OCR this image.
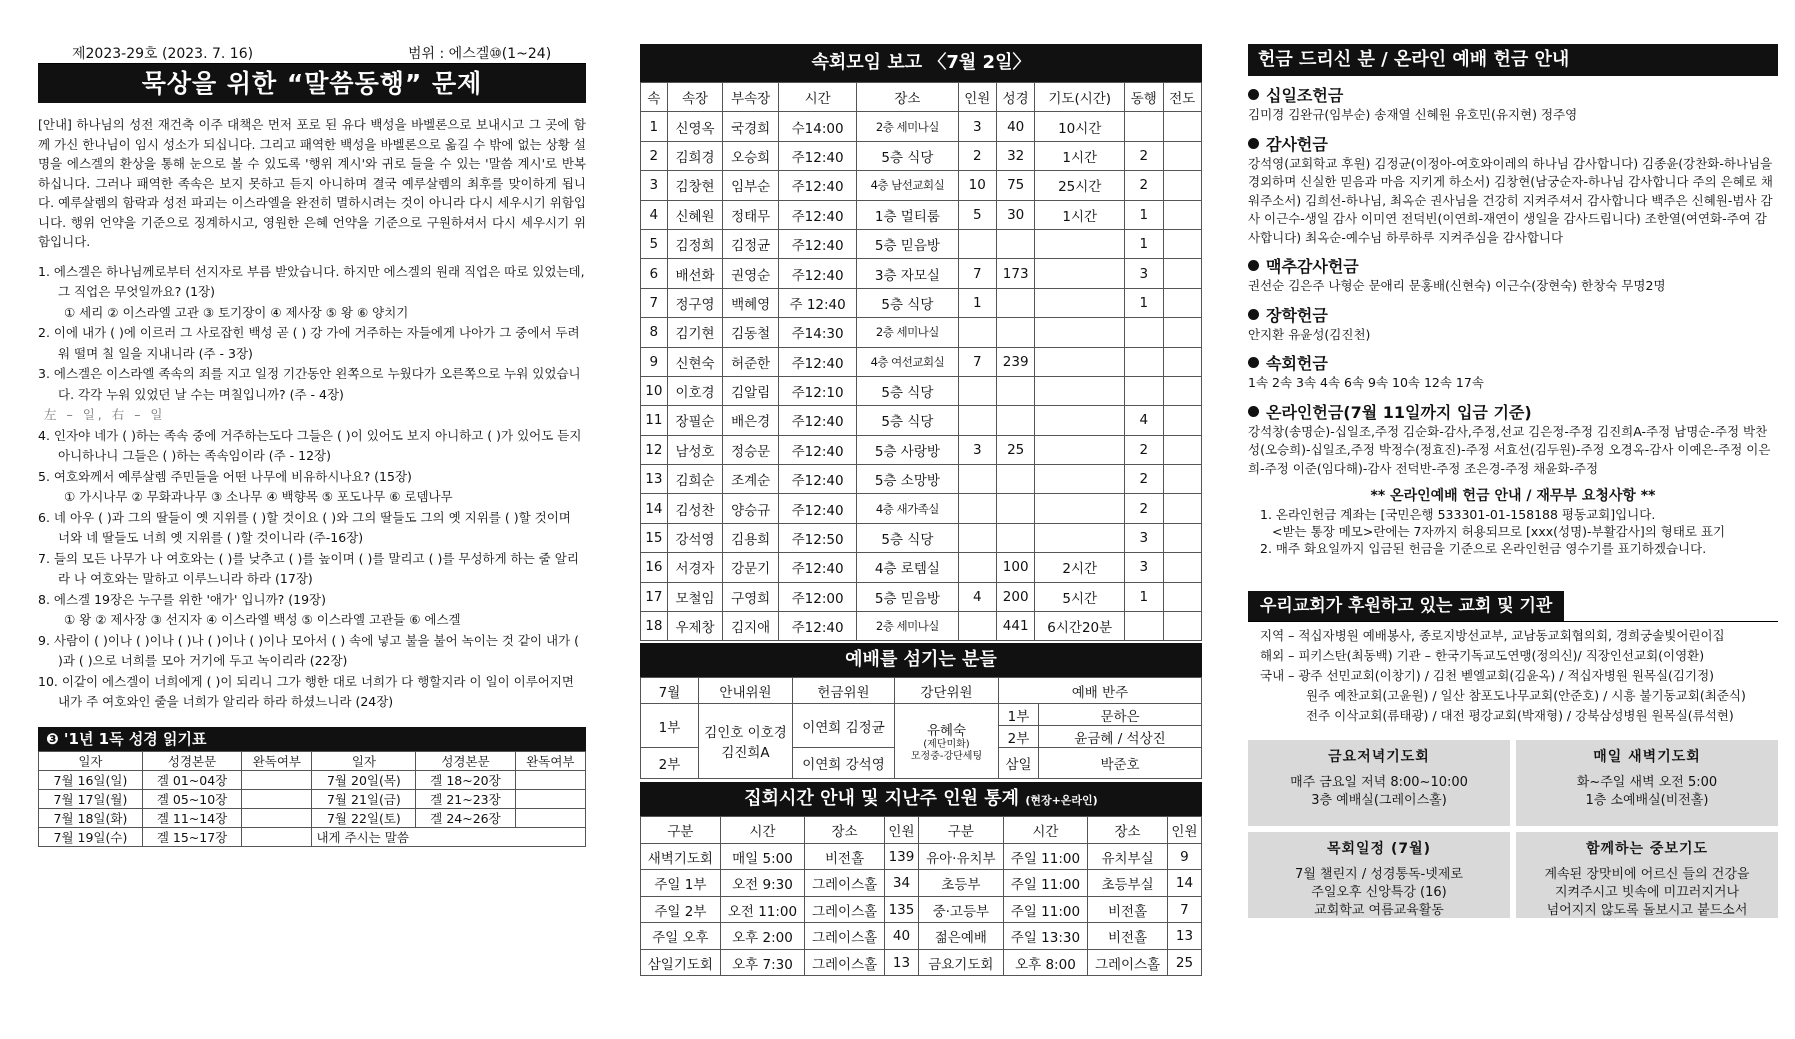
제2023-29호 (2023. 7. 16)	범위 : 에스겔⑩(1~24)
묵상을 위한 “말씀동행” 문제

[안내] 하나님의 성전 재건축 이주 대책은 먼저 포로 된 유다 백성을 바벨론으로 보내시고 그 곳에 함께 가신 한나님이 임시 성소가 되십니다. 그리고 패역한 백성을 바벨론으로 옮길 수 밖에 없는 상황 설명을 에스겔의 환상을 통해 눈으로 볼 수 있도록 '행위 계시'와 귀로 들을 수 있는 '말씀 계시'로 반복하십니다. 그러나 패역한 족속은 보지 못하고 듣지 아니하며 결국 예루살렘의 최후를 맞이하게 됩니다. 예루살렘의 함락과 성전 파괴는 이스라엘을 완전히 멸하시려는 것이 아니라 다시 세우시기 위함입니다. 행위 언약을 기준으로 징계하시고, 영원한 은혜 언약을 기준으로 구원하셔서 다시 세우시기 위함입니다.

1. 에스겔은 하나님께로부터 선지자로 부름 받았습니다. 하지만 에스겔의 원래 직업은 따로 있었는데, 그 직업은 무엇일까요? (1장)
① 세리 ② 이스라엘 고관 ③ 토기장이 ④ 제사장 ⑤ 왕 ⑥ 양치기
2. 이에 내가 ( )에 이르러 그 사로잡힌 백성 곧 ( ) 강 가에 거주하는 자들에게 나아가 그 중에서 두려워 떨며 칠 일을 지내니라 (주 - 3장)
3. 에스겔은 이스라엘 족속의 죄를 지고 일정 기간동안 왼쪽으로 누웠다가 오른쪽으로 누워 있었습니다. 각각 누워 있었던 날 수는 며칠입니까? (주 - 4장)
左 – 일, 右 – 일
4. 인자야 네가 ( )하는 족속 중에 거주하는도다 그들은 ( )이 있어도 보지 아니하고 ( )가 있어도 듣지 아니하나니 그들은 ( )하는 족속임이라 (주 - 12장)
5. 여호와께서 예루살렘 주민들을 어떤 나무에 비유하시나요? (15장)
① 가시나무 ② 무화과나무 ③ 소나무 ④ 백향목 ⑤ 포도나무 ⑥ 로뎀나무
6. 네 아우 ( )과 그의 딸들이 옛 지위를 ( )할 것이요 ( )와 그의 딸들도 그의 옛 지위를 ( )할 것이며 너와 네 딸들도 너희 옛 지위를 ( )할 것이니라 (주-16장)
7. 들의 모든 나무가 나 여호와는 ( )를 낮추고 ( )를 높이며 ( )를 말리고 ( )를 무성하게 하는 줄 알리라 나 여호와는 말하고 이루느니라 하라 (17장)
8. 에스겔 19장은 누구를 위한 '애가' 입니까? (19장)
① 왕 ② 제사장 ③ 선지자 ④ 이스라엘 백성 ⑤ 이스라엘 고관들 ⑥ 에스겔
9. 사람이 ( )이나 ( )이나 ( )나 ( )이나 ( )이나 모아서 ( ) 속에 넣고 불을 불어 녹이는 것 같이 내가 ( )과 ( )으로 너희를 모아 거기에 두고 녹이리라 (22장)
10. 이같이 에스겔이 너희에게 ( )이 되리니 그가 행한 대로 너희가 다 행할지라 이 일이 이루어지면 내가 주 여호와인 줄을 너희가 알리라 하라 하셨느니라 (24장)
❸ '1년 1독 성경 읽기표
일자	성경본문	완독여부	일자	성경본문	완독여부
7월 16일(일)	겔 01~04장		7월 20일(목)	겔 18~20장	
7월 17일(월)	겔 05~10장		7월 21일(금)	겔 21~23장	
7월 18일(화)	겔 11~14장		7월 22일(토)	겔 24~26장	
7월 19일(수)	겔 15~17장		내게 주시는 말씀		
속회모임 보고 〈7월 2일〉
속	속장	부속장	시간	장소	인원	성경	기도(시간)	동행	전도
1	신영옥	국경희	수14:00	2층 세미나실	3	40	10시간		
2	김희경	오승희	주12:40	5층 식당	2	32	1시간	2	
3	김창현	임부순	주12:40	4층 남선교회실	10	75	25시간	2	
4	신혜원	정태무	주12:40	1층 멀티룸	5	30	1시간	1	
5	김정희	김정균	주12:40	5층 믿음방				1	
6	배선화	권영순	주12:40	3층 자모실	7	173		3	
7	정구영	백혜영	주 12:40	5층 식당	1			1	
8	김기현	김동철	주14:30	2층 세미나실					
9	신현숙	허준한	주12:40	4층 여선교회실	7	239			
10	이호경	김알림	주12:10	5층 식당					
11	장필순	배은경	주12:40	5층 식당				4	
12	남성호	정승문	주12:40	5층 사랑방	3	25		2	
13	김희순	조계순	주12:40	5층 소망방				2	
14	김성찬	양승규	주12:40	4층 새가족실				2	
15	강석영	김용희	주12:50	5층 식당				3	
16	서경자	강문기	주12:40	4층 로템실		100	2시간	3	
17	모철임	구영희	주12:00	5층 믿음방	4	200	5시간	1	
18	우제창	김지애	주12:40	2층 세미나실		441	6시간20분		
예배를 섬기는 분들
7월	안내위원	헌금위원	강단위원	예배 반주	
1부	김인호 이호경 김진희A	이연희 김정균	유혜숙
(제단미화)
모정중-강단세팅	1부	문하은
				2부	윤금혜 / 석상진
2부		이연희 강석영		삼일	박준호

집회시간 안내 및 지난주 인원 통계 (현장+온라인)
구분	시간	장소	인원	구분	시간	장소	인원
새벽기도회	매일 5:00	비전홀	139	유아·유치부	주일 11:00	유치부실	9
주일 1부	오전 9:30	그레이스홀	34	초등부	주일 11:00	초등부실	14
주일 2부	오전 11:00	그레이스홀	135	중·고등부	주일 11:00	비전홀	7
주일 오후	오후 2:00	그레이스홀	40	젊은예배	주일 13:30	비전홀	13
삼일기도회	오후 7:30	그레이스홀	13	금요기도회	오후 8:00	그레이스홀	25
헌금 드리신 분 / 온라인 예배 헌금 안내
십일조헌금

김미경 김완규(임부순) 송재열 신혜원 유호민(유지현) 정주영

감사헌금

강석영(교회학교 후원) 김정균(이정아-여호와이레의 하나님 감사합니다) 김종윤(강찬화-하나님을 경외하며 신실한 믿음과 마음 지키게 하소서) 김창현(남궁순자-하나님 감사합니다 주의 은혜로 채워주소서) 김희선-하나님, 최옥순 권사님을 건강히 지켜주셔서 감사합니다 백주은 신혜원-범사 감사 이근수-생일 감사 이미연 전덕빈(이연희-재연이 생일을 감사드립니다) 조한열(여연화-주여 감사합니다) 최옥순-예수님 하루하루 지켜주심을 감사합니다

맥추감사헌금

권선순 김은주 나형순 문애리 문홍배(신현숙) 이근수(장현숙) 한창숙 무명2명

장학헌금

안지환 유윤성(김진천)

속회헌금

1속 2속 3속 4속 6속 9속 10속 12속 17속

온라인헌금(7월 11일까지 입금 기준)

강석창(송명순)-십일조,주정 김순화-감사,주정,선교 김은정-주정 김진희A-주정 남명순-주정 박찬성(오승희)-십일조,주정 박정수(정효진)-주정 서효선(김두원)-주정 오경옥-감사 이예은-주정 이은희-주정 이준(임다해)-감사 전덕반-주정 조은경-주정 채윤화-주정

** 온라인예배 헌금 안내 / 재무부 요청사항 **

1. 온라인헌금 계좌는 [국민은행 533301-01-158188 평동교회]입니다.

<받는 통장 메모>란에는 7자까지 허용되므로 [xxx(성명)-부활감사]의 형태로 표기

2. 매주 화요일까지 입금된 헌금을 기준으로 온라인헌금 영수기를 표기하겠습니다.

우리교회가 후원하고 있는 교회 및 기관

지역 – 적십자병원 예배봉사, 종로지방선교부, 교남동교회협의회, 경희궁솔빛어린이집

해외 – 피키스탄(최동백) 기관 – 한국기독교도연맹(정의신)/ 직장인선교회(이영환)

국내 – 광주 선민교회(이창기) / 김천 벧엘교회(김윤옥) / 적십자병원 원목실(김기정)

원주 예찬교회(고윤원) / 일산 참포도나무교회(안준호) / 시흥 불기동교회(최준식)

전주 이삭교회(류태광) / 대전 평강교회(박재형) / 강북삼성병원 원목실(류석현)

금요저녁기도회
매주 금요일 저녁 8:00~10:00
3층 예배실(그레이스홀)
매일 새벽기도회
화~주일 새벽 오전 5:00
1층 소예배실(비전홀)
목회일정 (7월)
7월 챌린지 / 성경통독-넷제로
주일오후 신앙특강 (16)
교회학교 여름교육활동
함께하는 중보기도
계속된 장맛비에 어르신 들의 건강을
지켜주시고 빗속에 미끄러지거나
넘어지지 않도록 돌보시고 붙드소서
